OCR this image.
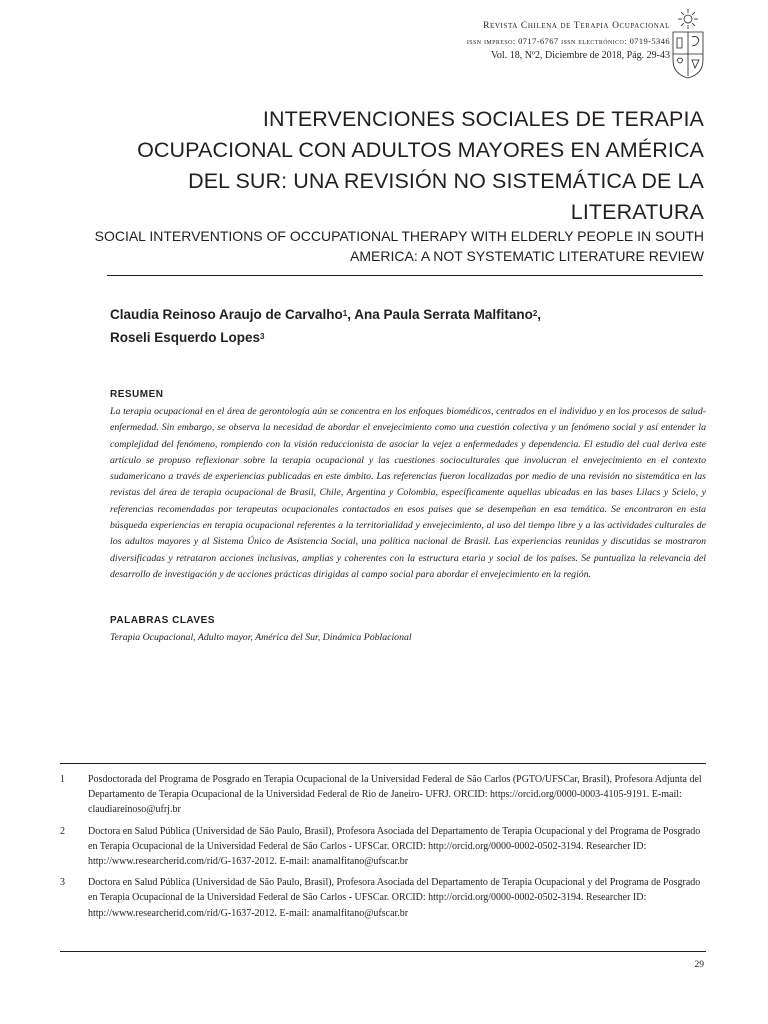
Revista Chilena de Terapia Ocupacional
issn impreso: 0717-6767 issn electrónico: 0719-5346
Vol. 18, Nº2, Diciembre de 2018, Pág. 29-43
INTERVENCIONES SOCIALES DE TERAPIA OCUPACIONAL CON ADULTOS MAYORES EN AMÉRICA DEL SUR: UNA REVISIÓN NO SISTEMÁTICA DE LA LITERATURA
SOCIAL INTERVENTIONS OF OCCUPATIONAL THERAPY WITH ELDERLY PEOPLE IN SOUTH AMERICA: A NOT SYSTEMATIC LITERATURE REVIEW
Claudia Reinoso Araujo de Carvalho$^1$, Ana Paula Serrata Malfitano$^2$,
Roseli Esquerdo Lopes$^3$
RESUMEN

La terapia ocupacional en el área de gerontología aún se concentra en los enfoques biomédicos, centrados en el individuo y en los procesos de salud-enfermedad. Sin embargo, se observa la necesidad de abordar el envejecimiento como una cuestión colectiva y un fenómeno social y así entender la complejidad del fenómeno, rompiendo con la visión reduccionista de asociar la vejez a enfermedades y dependencia. El estudio del cual deriva este artículo se propuso reflexionar sobre la terapia ocupacional y las cuestiones socioculturales que involucran el envejecimiento en el contexto sudamericano a través de experiencias publicadas en este ámbito. Las referencias fueron localizadas por medio de una revisión no sistemática en las revistas del área de terapia ocupacional de Brasil, Chile, Argentina y Colombia, específicamente aquellas ubicadas en las bases Lilacs y Scielo, y referencias recomendadas por terapeutas ocupacionales contactados en esos países que se desempeñan en esa temática. Se encontraron en esta búsqueda experiencias en terapia ocupacional referentes a la territorialidad y envejecimiento, al uso del tiempo libre y a las actividades culturales de los adultos mayores y al Sistema Único de Asistencia Social, una política nacional de Brasil. Las experiencias reunidas y discutidas se mostraron diversificadas y retrataron acciones inclusivas, amplias y coherentes con la estructura etaria y social de los países. Se puntualiza la relevancia del desarrollo de investigación y de acciones prácticas dirigidas al campo social para abordar el envejecimiento en la región.

PALABRAS CLAVES

Terapia Ocupacional, Adulto mayor, América del Sur, Dinámica Poblacional

1	Posdoctorada del Programa de Posgrado en Terapia Ocupacional de la Universidad Federal de São Carlos (PGTO/UFSCar, Brasil), Profesora Adjunta del Departamento de Terapia Ocupacional de la Universidad Federal de Rio de Janeiro- UFRJ. ORCID: https://orcid.org/0000-0003-4105-9191. E-mail: claudiareinoso@ufrj.br
2	Doctora en Salud Pública (Universidad de São Paulo, Brasil), Profesora Asociada del Departamento de Terapia Ocupacional y del Programa de Posgrado en Terapia Ocupacional de la Universidad Federal de São Carlos - UFSCar. ORCID: http://orcid.org/0000-0002-0502-3194. Researcher ID: http://www.researcherid.com/rid/G-1637-2012. E-mail: anamalfitano@ufscar.br
3	Doctora en Salud Pública (Universidad de São Paulo, Brasil), Profesora Asociada del Departamento de Terapia Ocupacional y del Programa de Posgrado en Terapia Ocupacional de la Universidad Federal de São Carlos - UFSCar. ORCID: http://orcid.org/0000-0002-0502-3194. Researcher ID: http://www.researcherid.com/rid/G-1637-2012. E-mail: anamalfitano@ufscar.br
29
